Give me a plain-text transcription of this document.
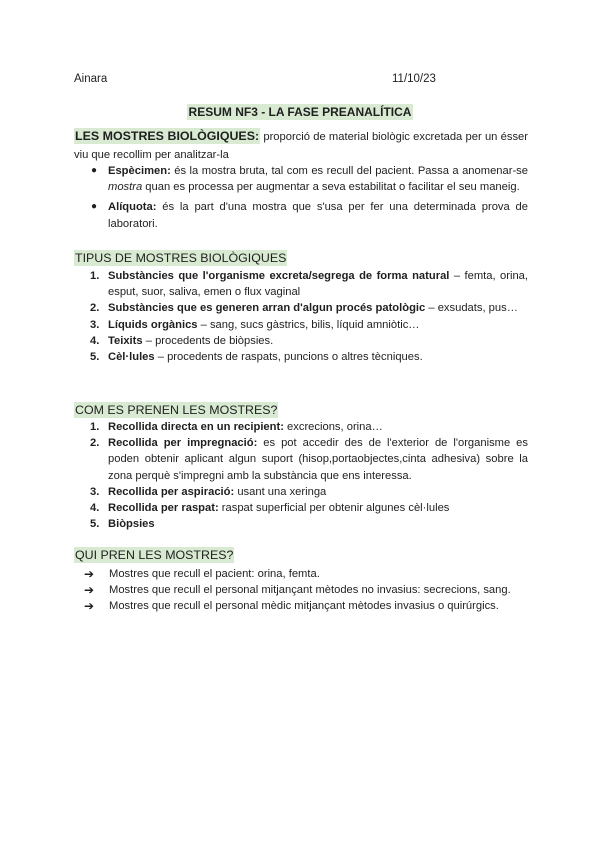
Ainara	11/10/23
RESUM NF3 - LA FASE PREANALÍTICA
LES MOSTRES BIOLÒGIQUES: proporció de material biològic excretada per un ésser viu que recollim per analitzar-la
● Espècimen: és la mostra bruta, tal com es recull del pacient. Passa a anomenar-se mostra quan es processa per augmentar a seva estabilitat o facilitar el seu maneig.
● Alíquota: és la part d'una mostra que s'usa per fer una determinada prova de laboratori.
TIPUS DE MOSTRES BIOLÒGIQUES
1. Substàncies que l'organisme excreta/segrega de forma natural – femta, orina, esput, suor, saliva, emen o flux vaginal
2. Substàncies que es generen arran d'algun procés patològic – exsudats, pus…
3. Líquids orgànics – sang, sucs gàstrics, bilis, líquid amniòtic…
4. Teixits – procedents de biòpsies.
5. Cèl·lules – procedents de raspats, puncions o altres tècniques.
COM ES PRENEN LES MOSTRES?
1. Recollida directa en un recipient: excrecions, orina…
2. Recollida per impregnació: es pot accedir des de l'exterior de l'organisme es poden obtenir aplicant algun suport (hisop,portaobjectes,cinta adhesiva) sobre la zona perquè s'impregni amb la substància que ens interessa.
3. Recollida per aspiració: usant una xeringa
4. Recollida per raspat: raspat superficial per obtenir algunes cèl·lules
5. Biòpsies
QUI PREN LES MOSTRES?
➔	Mostres que recull el pacient: orina, femta.
➔	Mostres que recull el personal mitjançant mètodes no invasius: secrecions, sang.
➔	Mostres que recull el personal mèdic mitjançant mètodes invasius o quirúrgics.
